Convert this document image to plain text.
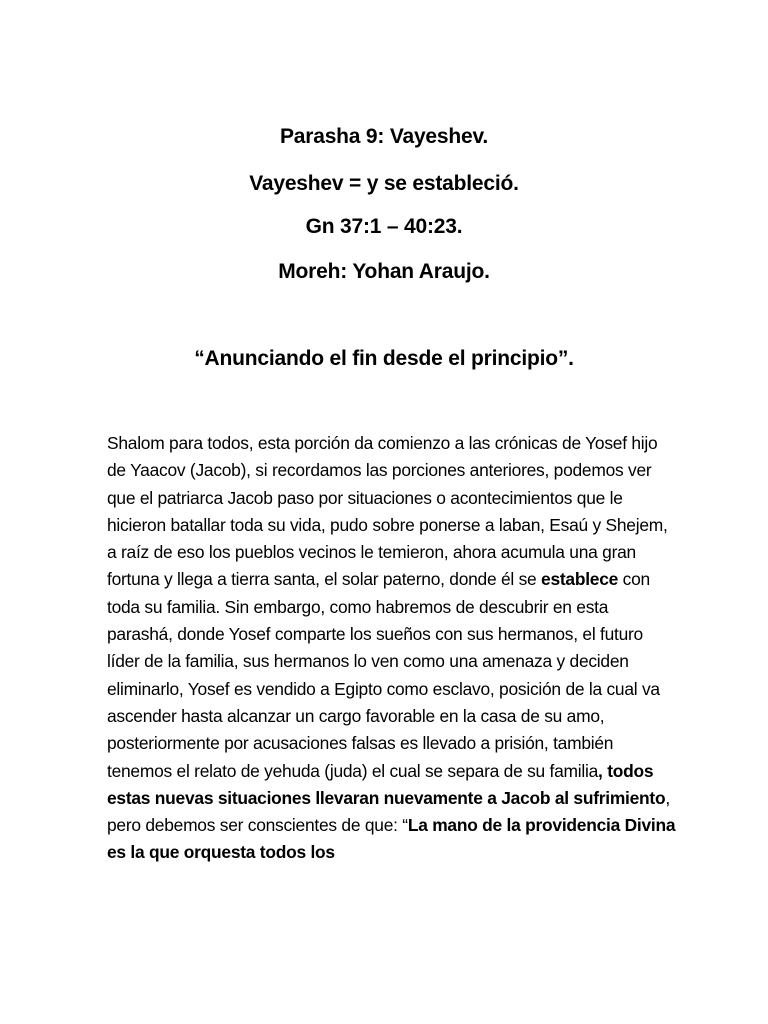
Parasha 9: Vayeshev.
Vayeshev = y se estableció.
Gn 37:1 – 40:23.
Moreh: Yohan Araujo.
“Anunciando el fin desde el principio”.
Shalom para todos, esta porción da comienzo a las crónicas de Yosef hijo de Yaacov (Jacob), si recordamos las porciones anteriores, podemos ver que el patriarca Jacob paso por situaciones o acontecimientos que le hicieron batallar toda su vida, pudo sobre ponerse a laban, Esaú y Shejem, a raíz de eso los pueblos vecinos le temieron, ahora acumula una gran fortuna y llega a tierra santa, el solar paterno, donde él se establece con toda su familia. Sin embargo, como habremos de descubrir en esta parashá, donde Yosef comparte los sueños con sus hermanos, el futuro líder de la familia, sus hermanos lo ven como una amenaza y deciden eliminarlo, Yosef es vendido a Egipto como esclavo, posición de la cual va ascender hasta alcanzar un cargo favorable en la casa de su amo, posteriormente por acusaciones falsas es llevado a prisión, también tenemos el relato de yehuda (juda) el cual se separa de su familia, todos estas nuevas situaciones llevaran nuevamente a Jacob al sufrimiento, pero debemos ser conscientes de que: “La mano de la providencia Divina es la que orquesta todos los
